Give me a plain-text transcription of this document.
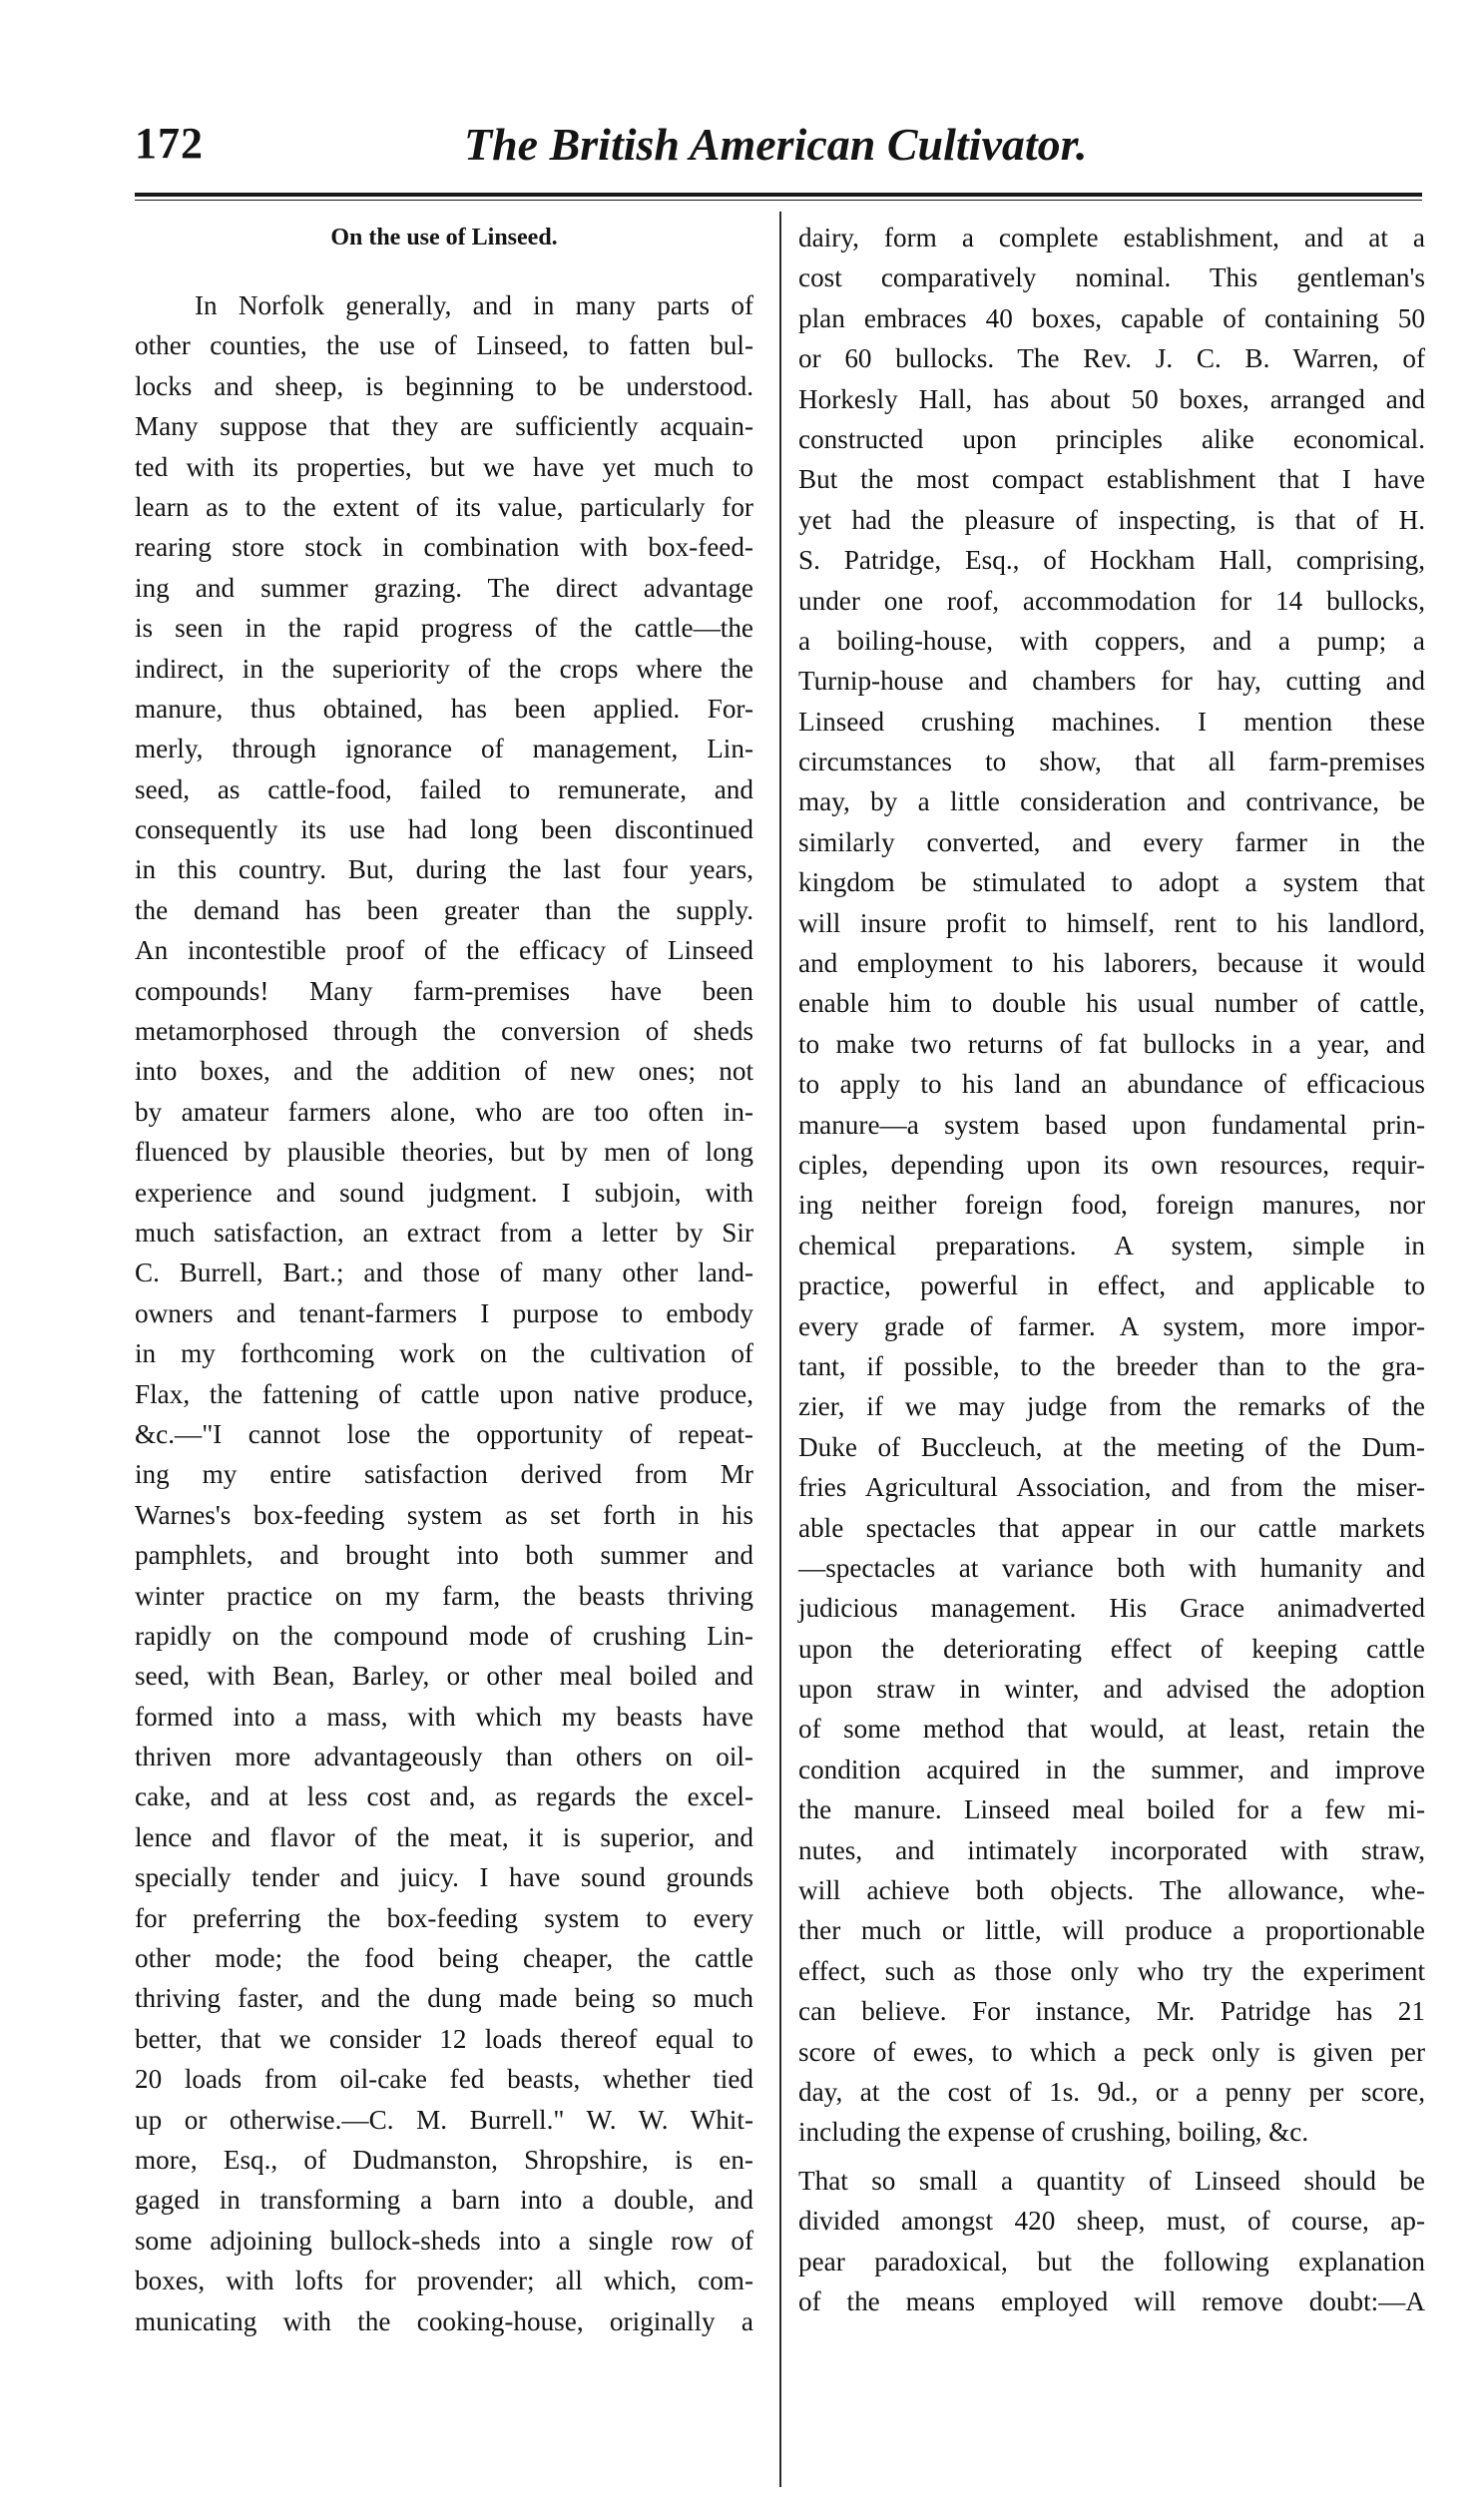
172	The British American Cultivator.
On the use of Linseed.
In Norfolk generally, and in many parts of
other counties, the use of Linseed, to fatten bul-
locks and sheep, is beginning to be understood.
Many suppose that they are sufficiently acquain-
ted with its properties, but we have yet much to
learn as to the extent of its value, particularly for
rearing store stock in combination with box-feed-
ing and summer grazing. The direct advantage
is seen in the rapid progress of the cattle—the
indirect, in the superiority of the crops where the
manure, thus obtained, has been applied. For-
merly, through ignorance of management, Lin-
seed, as cattle-food, failed to remunerate, and
consequently its use had long been discontinued
in this country. But, during the last four years,
the demand has been greater than the supply.
An incontestible proof of the efficacy of Linseed
compounds! Many farm-premises have been
metamorphosed through the conversion of sheds
into boxes, and the addition of new ones; not
by amateur farmers alone, who are too often in-
fluenced by plausible theories, but by men of long
experience and sound judgment. I subjoin, with
much satisfaction, an extract from a letter by Sir
C. Burrell, Bart.; and those of many other land-
owners and tenant-farmers I purpose to embody
in my forthcoming work on the cultivation of
Flax, the fattening of cattle upon native produce,
&c.—"I cannot lose the opportunity of repeat-
ing my entire satisfaction derived from Mr
Warnes's box-feeding system as set forth in his
pamphlets, and brought into both summer and
winter practice on my farm, the beasts thriving
rapidly on the compound mode of crushing Lin-
seed, with Bean, Barley, or other meal boiled and
formed into a mass, with which my beasts have
thriven more advantageously than others on oil-
cake, and at less cost and, as regards the excel-
lence and flavor of the meat, it is superior, and
specially tender and juicy. I have sound grounds
for preferring the box-feeding system to every
other mode; the food being cheaper, the cattle
thriving faster, and the dung made being so much
better, that we consider 12 loads thereof equal to
20 loads from oil-cake fed beasts, whether tied
up or otherwise.—C. M. Burrell." W. W. Whit-
more, Esq., of Dudmanston, Shropshire, is en-
gaged in transforming a barn into a double, and
some adjoining bullock-sheds into a single row of
boxes, with lofts for provender; all which, com-
municating with the cooking-house, originally a
dairy, form a complete establishment, and at a
cost comparatively nominal. This gentleman's
plan embraces 40 boxes, capable of containing 50
or 60 bullocks. The Rev. J. C. B. Warren, of
Horkesly Hall, has about 50 boxes, arranged and
constructed upon principles alike economical.
But the most compact establishment that I have
yet had the pleasure of inspecting, is that of H.
S. Patridge, Esq., of Hockham Hall, comprising,
under one roof, accommodation for 14 bullocks,
a boiling-house, with coppers, and a pump; a
Turnip-house and chambers for hay, cutting and
Linseed crushing machines. I mention these
circumstances to show, that all farm-premises
may, by a little consideration and contrivance, be
similarly converted, and every farmer in the
kingdom be stimulated to adopt a system that
will insure profit to himself, rent to his landlord,
and employment to his laborers, because it would
enable him to double his usual number of cattle,
to make two returns of fat bullocks in a year, and
to apply to his land an abundance of efficacious
manure—a system based upon fundamental prin-
ciples, depending upon its own resources, requir-
ing neither foreign food, foreign manures, nor
chemical preparations. A system, simple in
practice, powerful in effect, and applicable to
every grade of farmer. A system, more impor-
tant, if possible, to the breeder than to the gra-
zier, if we may judge from the remarks of the
Duke of Buccleuch, at the meeting of the Dum-
fries Agricultural Association, and from the miser-
able spectacles that appear in our cattle markets
—spectacles at variance both with humanity and
judicious management. His Grace animadverted
upon the deteriorating effect of keeping cattle
upon straw in winter, and advised the adoption
of some method that would, at least, retain the
condition acquired in the summer, and improve
the manure. Linseed meal boiled for a few mi-
nutes, and intimately incorporated with straw,
will achieve both objects. The allowance, whe-
ther much or little, will produce a proportionable
effect, such as those only who try the experiment
can believe. For instance, Mr. Patridge has 21
score of ewes, to which a peck only is given per
day, at the cost of 1s. 9d., or a penny per score,
including the expense of crushing, boiling, &c.
That so small a quantity of Linseed should be
divided amongst 420 sheep, must, of course, ap-
pear paradoxical, but the following explanation
of the means employed will remove doubt:—A
